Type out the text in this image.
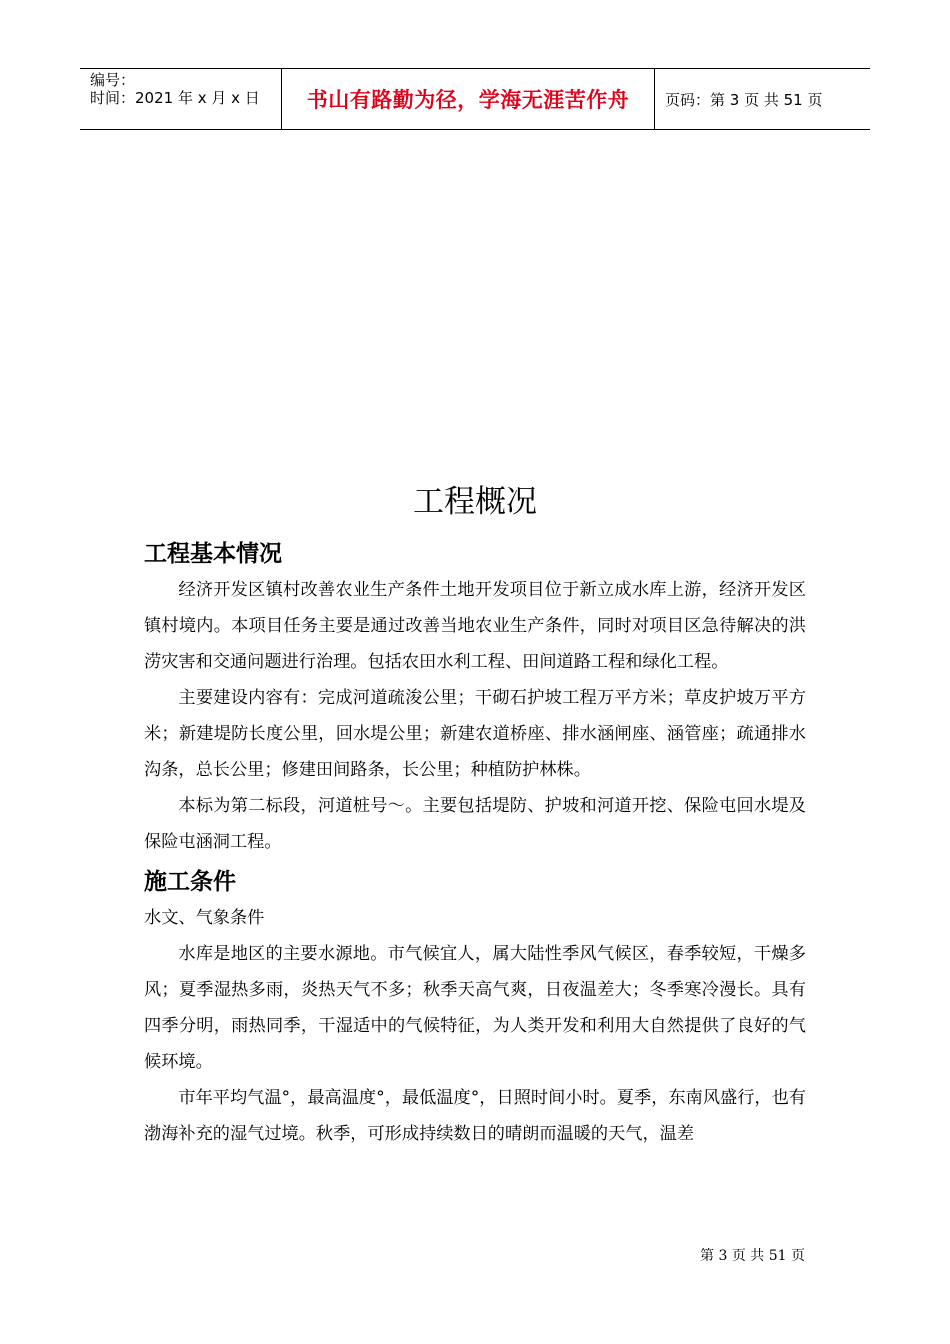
编号：
时间：2021 年 x 月 x 日	书山有路勤为径，学海无涯苦作舟	页码：第 3 页 共 51 页
工程概况
工程基本情况

经济开发区镇村改善农业生产条件土地开发项目位于新立成水库上游，经济开发区镇村境内。本项目任务主要是通过改善当地农业生产条件，同时对项目区急待解决的洪涝灾害和交通问题进行治理。包括农田水利工程、田间道路工程和绿化工程。

主要建设内容有：完成河道疏浚公里；干砌石护坡工程万平方米；草皮护坡万平方米；新建堤防长度公里，回水堤公里；新建农道桥座、排水涵闸座、涵管座；疏通排水沟条，总长公里；修建田间路条，长公里；种植防护林株。

本标为第二标段，河道桩号～。主要包括堤防、护坡和河道开挖、保险屯回水堤及保险屯涵洞工程。

施工条件

水文、气象条件

水库是地区的主要水源地。市气候宜人，属大陆性季风气候区，春季较短，干燥多风；夏季湿热多雨，炎热天气不多；秋季天高气爽，日夜温差大；冬季寒冷漫长。具有四季分明，雨热同季，干湿适中的气候特征，为人类开发和利用大自然提供了良好的气候环境。

市年平均气温°，最高温度°，最低温度°，日照时间小时。夏季，东南风盛行，也有渤海补充的湿气过境。秋季，可形成持续数日的晴朗而温暖的天气，温差

第 3 页 共 51 页
